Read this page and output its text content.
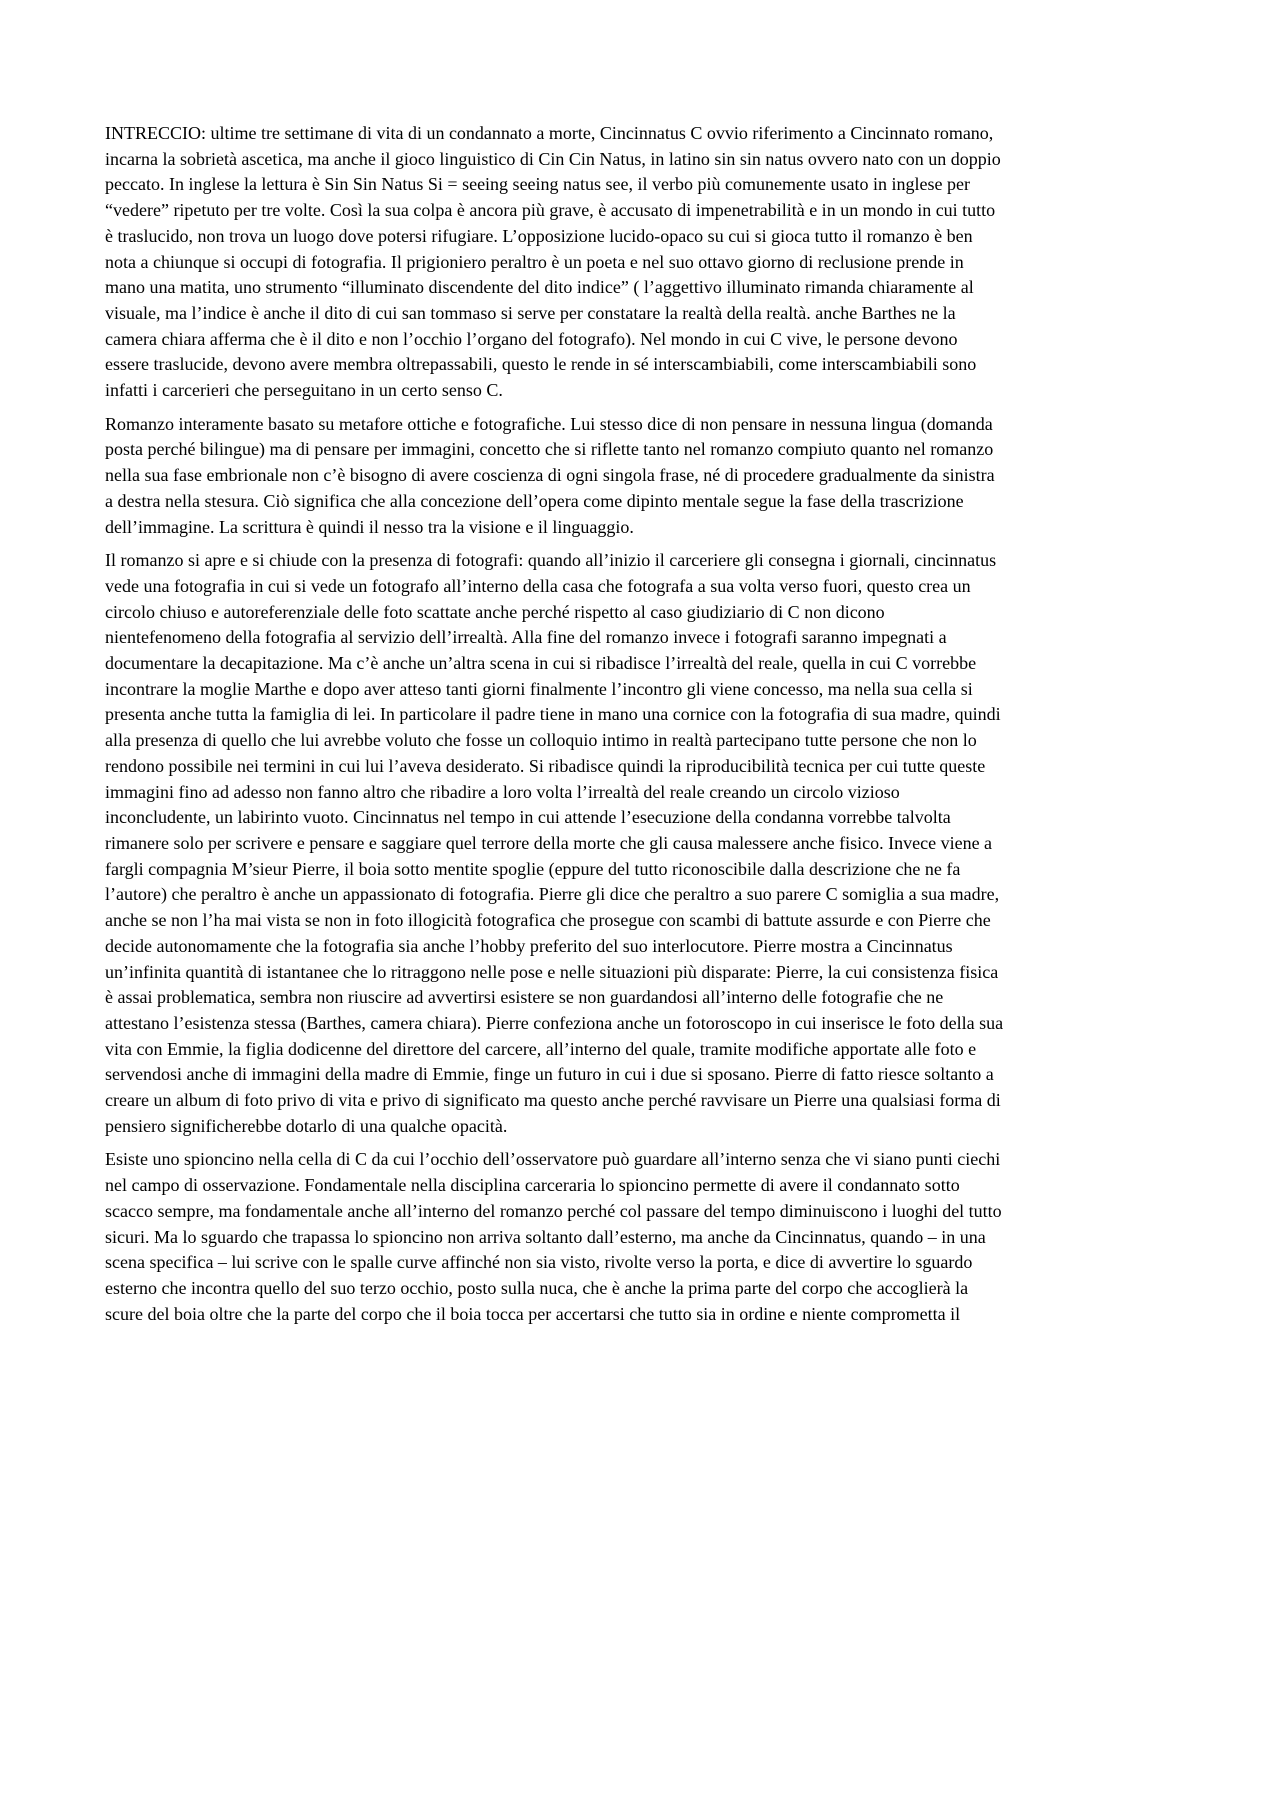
INTRECCIO: ultime tre settimane di vita di un condannato a morte, Cincinnatus C ovvio riferimento a Cincinnato romano, incarna la sobrietà ascetica, ma anche il gioco linguistico di Cin Cin Natus, in latino sin sin natus ovvero nato con un doppio peccato. In inglese la lettura è Sin Sin Natus Si = seeing seeing natus see, il verbo più comunemente usato in inglese per “vedere” ripetuto per tre volte. Così la sua colpa è ancora più grave, è accusato di impenetrabilità e in un mondo in cui tutto è traslucido, non trova un luogo dove potersi rifugiare. L’opposizione lucido-opaco su cui si gioca tutto il romanzo è ben nota a chiunque si occupi di fotografia. Il prigioniero peraltro è un poeta e nel suo ottavo giorno di reclusione prende in mano una matita, uno strumento “illuminato discendente del dito indice” ( l’aggettivo illuminato rimanda chiaramente al visuale, ma l’indice è anche il dito di cui san tommaso si serve per constatare la realtà della realtà. anche Barthes ne la camera chiara afferma che è il dito e non l’occhio l’organo del fotografo). Nel mondo in cui C vive, le persone devono essere traslucide, devono avere membra oltrepassabili, questo le rende in sé interscambiabili, come interscambiabili sono infatti i carcerieri che perseguitano in un certo senso C.

Romanzo interamente basato su metafore ottiche e fotografiche. Lui stesso dice di non pensare in nessuna lingua (domanda posta perché bilingue) ma di pensare per immagini, concetto che si riflette tanto nel romanzo compiuto quanto nel romanzo nella sua fase embrionale non c’è bisogno di avere coscienza di ogni singola frase, né di procedere gradualmente da sinistra a destra nella stesura. Ciò significa che alla concezione dell’opera come dipinto mentale segue la fase della trascrizione dell’immagine. La scrittura è quindi il nesso tra la visione e il linguaggio.

Il romanzo si apre e si chiude con la presenza di fotografi: quando all’inizio il carceriere gli consegna i giornali, cincinnatus vede una fotografia in cui si vede un fotografo all’interno della casa che fotografa a sua volta verso fuori, questo crea un circolo chiuso e autoreferenziale delle foto scattate anche perché rispetto al caso giudiziario di C non dicono nientefenomeno della fotografia al servizio dell’irrealtà. Alla fine del romanzo invece i fotografi saranno impegnati a documentare la decapitazione. Ma c’è anche un’altra scena in cui si ribadisce l’irrealtà del reale, quella in cui C vorrebbe incontrare la moglie Marthe e dopo aver atteso tanti giorni finalmente l’incontro gli viene concesso, ma nella sua cella si presenta anche tutta la famiglia di lei. In particolare il padre tiene in mano una cornice con la fotografia di sua madre, quindi alla presenza di quello che lui avrebbe voluto che fosse un colloquio intimo in realtà partecipano tutte persone che non lo rendono possibile nei termini in cui lui l’aveva desiderato. Si ribadisce quindi la riproducibilità tecnica per cui tutte queste immagini fino ad adesso non fanno altro che ribadire a loro volta l’irrealtà del reale creando un circolo vizioso inconcludente, un labirinto vuoto. Cincinnatus nel tempo in cui attende l’esecuzione della condanna vorrebbe talvolta rimanere solo per scrivere e pensare e saggiare quel terrore della morte che gli causa malessere anche fisico. Invece viene a fargli compagnia M’sieur Pierre, il boia sotto mentite spoglie (eppure del tutto riconoscibile dalla descrizione che ne fa l’autore) che peraltro è anche un appassionato di fotografia. Pierre gli dice che peraltro a suo parere C somiglia a sua madre, anche se non l’ha mai vista se non in foto illogicità fotografica che prosegue con scambi di battute assurde e con Pierre che decide autonomamente che la fotografia sia anche l’hobby preferito del suo interlocutore. Pierre mostra a Cincinnatus un’infinita quantità di istantanee che lo ritraggono nelle pose e nelle situazioni più disparate: Pierre, la cui consistenza fisica è assai problematica, sembra non riuscire ad avvertirsi esistere se non guardandosi all’interno delle fotografie che ne attestano l’esistenza stessa (Barthes, camera chiara). Pierre confeziona anche un fotoroscopo in cui inserisce le foto della sua vita con Emmie, la figlia dodicenne del direttore del carcere, all’interno del quale, tramite modifiche apportate alle foto e servendosi anche di immagini della madre di Emmie, finge un futuro in cui i due si sposano. Pierre di fatto riesce soltanto a creare un album di foto privo di vita e privo di significato ma questo anche perché ravvisare un Pierre una qualsiasi forma di pensiero significherebbe dotarlo di una qualche opacità.

Esiste uno spioncino nella cella di C da cui l’occhio dell’osservatore può guardare all’interno senza che vi siano punti ciechi nel campo di osservazione. Fondamentale nella disciplina carceraria lo spioncino permette di avere il condannato sotto scacco sempre, ma fondamentale anche all’interno del romanzo perché col passare del tempo diminuiscono i luoghi del tutto sicuri. Ma lo sguardo che trapassa lo spioncino non arriva soltanto dall’esterno, ma anche da Cincinnatus, quando – in una scena specifica – lui scrive con le spalle curve affinché non sia visto, rivolte verso la porta, e dice di avvertire lo sguardo esterno che incontra quello del suo terzo occhio, posto sulla nuca, che è anche la prima parte del corpo che accoglierà la scure del boia oltre che la parte del corpo che il boia tocca per accertarsi che tutto sia in ordine e niente comprometta il
